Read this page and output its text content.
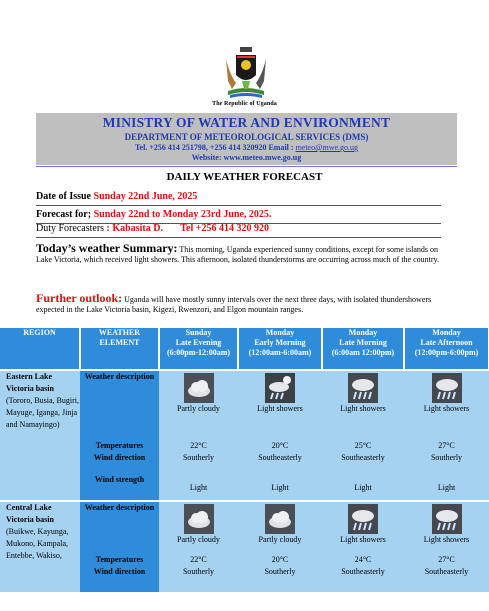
The Republic of Uganda
MINISTRY OF WATER AND ENVIRONMENT
DEPARTMENT OF METEOROLOGICAL SERVICES (DMS)
Tel. +256 414 251798, +256 414 320920 Email : meteo@mwe.go.ug
Website: www.meteo.mwe.go.ug
DAILY WEATHER FORECAST
Date of Issue Sunday 22nd June, 2025
Forecast for; Sunday 22nd to Monday 23rd June, 2025.
Duty Forecasters : Kabasita D. Tel +256 414 320 920
Today’s weather Summary: This morning, Uganda experienced sunny conditions, except for some islands on Lake Victoria, which received light showers. This afternoon, isolated thunderstorms are occurring across much of the country.
Further outlook: Uganda will have mostly sunny intervals over the next three days, with isolated thundershowers expected in the Lake Victoria basin, Kigezi, Rwenzori, and Elgon mountain ranges.
REGION	WEATHER ELEMENT	Sunday
Late Evening
(6:00pm-12:00am)	Monday
Early Morning
(12:00am-6:00am)	Monday
Late Morning
(6:00am 12:00pm)	Monday
Late Afternoon
(12:00pm-6:00pm)

Eastern Lake Victoria basin
(Tororo, Busia, Bugiri, Mayuge, Iganga, Jinja and Namayingo)	Weather description	Partly cloudy	Light showers	Light showers	Light showers
	Temperatures	22°C	20°C	25°C	27°C
	Wind direction	Southerly	Southeasterly	Southeasterly	Southerly
	Wind strength	Light	Light	Light	Light

Central Lake Victoria basin
(Buikwe, Kayunga, Mukono, Kampala, Entebbe, Wakiso,	Weather description	Partly cloudy	Partly cloudy	Light showers	Light showers
	Temperatures	22°C	20°C	24°C	27°C
	Wind direction	Southerly	Southerly	Southeasterly	Southeasterly
